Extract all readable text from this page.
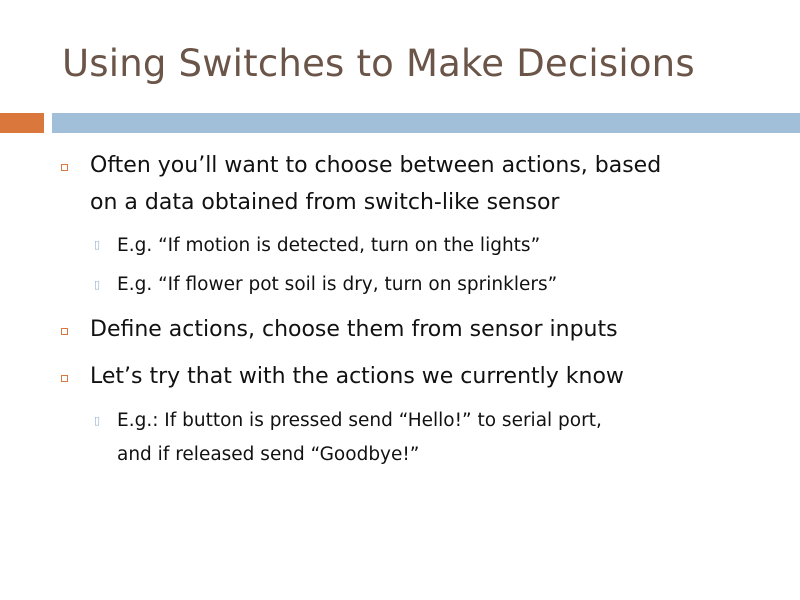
Using Switches to Make Decisions
Often you’ll want to choose between actions, based
on a data obtained from switch-like sensor
▯ E.g. “If motion is detected, turn on the lights”
▯ E.g. “If flower pot soil is dry, turn on sprinklers”
Define actions, choose them from sensor inputs
Let’s try that with the actions we currently know
▯ E.g.: If button is pressed send “Hello!” to serial port,
and if released send “Goodbye!”
